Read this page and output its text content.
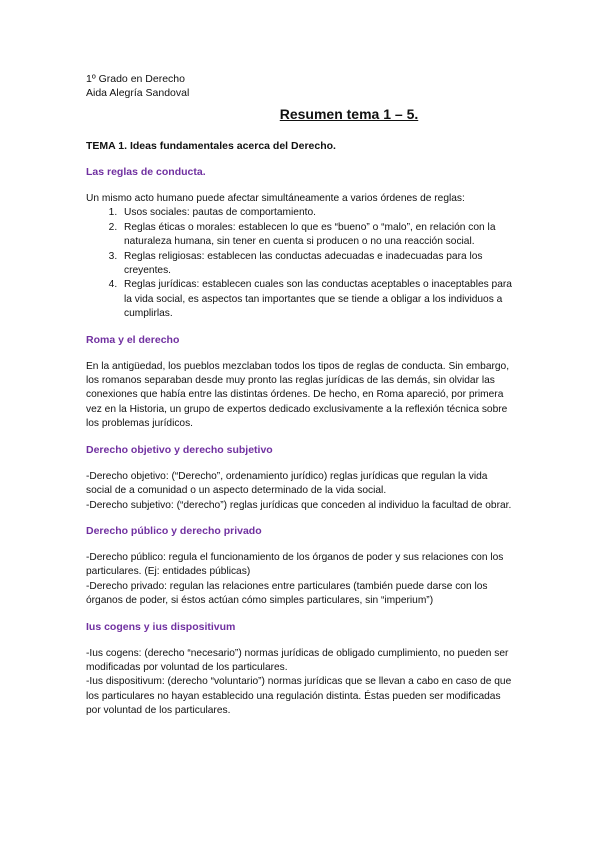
1º Grado en Derecho
Aida Alegría Sandoval
Resumen tema 1 – 5.
TEMA 1. Ideas fundamentales acerca del Derecho.
Las reglas de conducta.

Un mismo acto humano puede afectar simultáneamente a varios órdenes de reglas:

1. Usos sociales: pautas de comportamiento.
2. Reglas éticas o morales: establecen lo que es “bueno” o “malo”, en relación con la naturaleza humana, sin tener en cuenta si producen o no una reacción social.
3. Reglas religiosas: establecen las conductas adecuadas e inadecuadas para los creyentes.
4. Reglas jurídicas: establecen cuales son las conductas aceptables o inaceptables para la vida social, es aspectos tan importantes que se tiende a obligar a los individuos a cumplirlas.
Roma y el derecho

En la antigüedad, los pueblos mezclaban todos los tipos de reglas de conducta. Sin embargo, los romanos separaban desde muy pronto las reglas jurídicas de las demás, sin olvidar las conexiones que había entre las distintas órdenes. De hecho, en Roma apareció, por primera vez en la Historia, un grupo de expertos dedicado exclusivamente a la reflexión técnica sobre los problemas jurídicos.

Derecho objetivo y derecho subjetivo

-Derecho objetivo: (“Derecho”, ordenamiento jurídico) reglas jurídicas que regulan la vida social de a comunidad o un aspecto determinado de la vida social.
-Derecho subjetivo: (“derecho”) reglas jurídicas que conceden al individuo la facultad de obrar.

Derecho público y derecho privado

-Derecho público: regula el funcionamiento de los órganos de poder y sus relaciones con los particulares. (Ej: entidades públicas)
-Derecho privado: regulan las relaciones entre particulares (también puede darse con los órganos de poder, si éstos actúan cómo simples particulares, sin “imperium”)

Ius cogens y ius dispositivum

-Ius cogens: (derecho “necesario”) normas jurídicas de obligado cumplimiento, no pueden ser modificadas por voluntad de los particulares.
-Ius dispositivum: (derecho “voluntario”) normas jurídicas que se llevan a cabo en caso de que los particulares no hayan establecido una regulación distinta. Éstas pueden ser modificadas por voluntad de los particulares.
